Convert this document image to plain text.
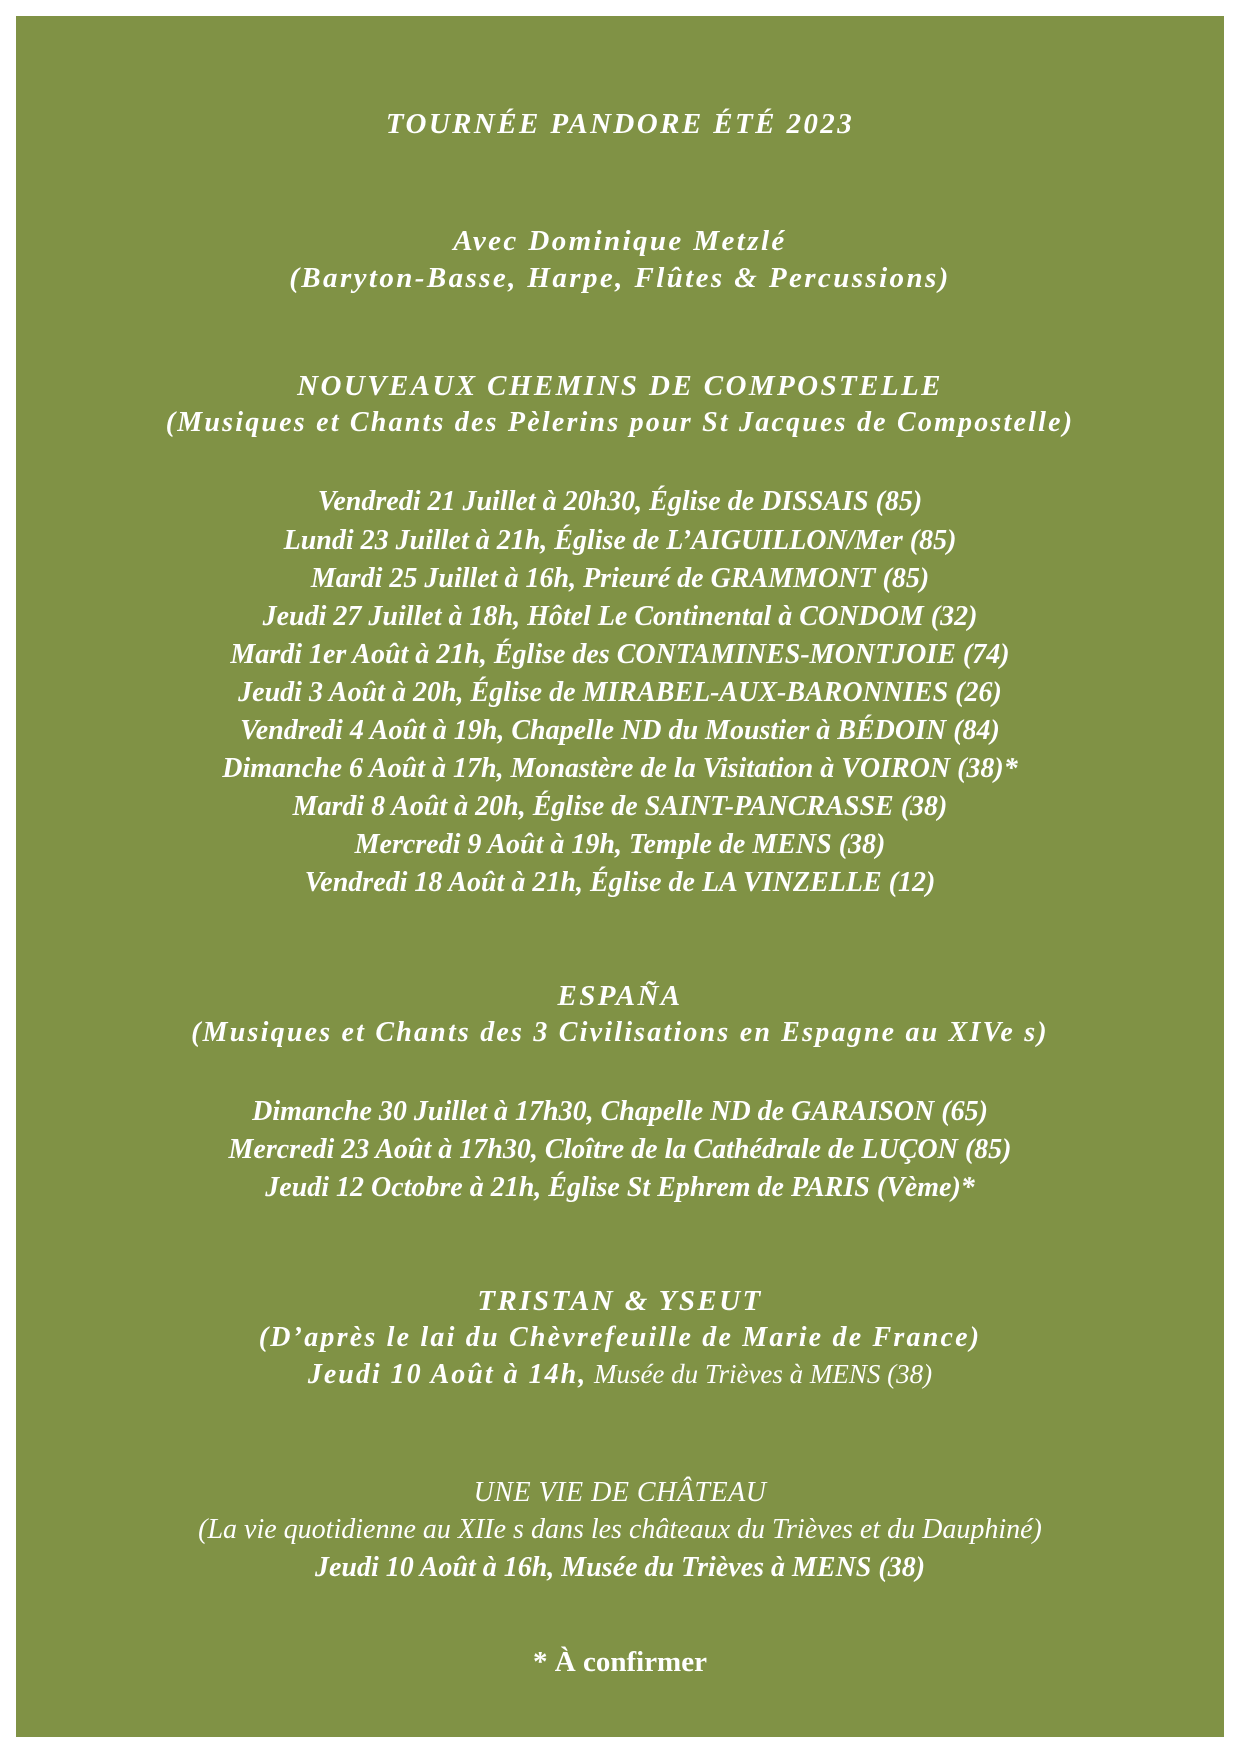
TOURNÉE PANDORE ÉTÉ 2023
Avec Dominique Metzlé
(Baryton-Basse, Harpe, Flûtes & Percussions)
NOUVEAUX CHEMINS DE COMPOSTELLE
(Musiques et Chants des Pèlerins pour St Jacques de Compostelle)
Vendredi 21 Juillet à 20h30, Église de DISSAIS (85)
Lundi 23 Juillet à 21h, Église de L’AIGUILLON/Mer (85)
Mardi 25 Juillet à 16h, Prieuré de GRAMMONT (85)
Jeudi 27 Juillet à 18h, Hôtel Le Continental à CONDOM (32)
Mardi 1er Août à 21h, Église des CONTAMINES-MONTJOIE (74)
Jeudi 3 Août à 20h, Église de MIRABEL-AUX-BARONNIES (26)
Vendredi 4 Août à 19h, Chapelle ND du Moustier à BÉDOIN (84)
Dimanche 6 Août à 17h, Monastère de la Visitation à VOIRON (38)*
Mardi 8 Août à 20h, Église de SAINT-PANCRASSE (38)
Mercredi 9 Août à 19h, Temple de MENS (38)
Vendredi 18 Août à 21h, Église de LA VINZELLE (12)
ESPAÑA
(Musiques et Chants des 3 Civilisations en Espagne au XIVe s)
Dimanche 30 Juillet à 17h30, Chapelle ND de GARAISON (65)
Mercredi 23 Août à 17h30, Cloître de la Cathédrale de LUÇON (85)
Jeudi 12 Octobre à 21h, Église St Ephrem de PARIS (Vème)*
TRISTAN & YSEUT
(D’après le lai du Chèvrefeuille de Marie de France)
Jeudi 10 Août à 14h, Musée du Trièves à MENS (38)
UNE VIE DE CHÂTEAU
(La vie quotidienne au XIIe s dans les châteaux du Trièves et du Dauphiné)
Jeudi 10 Août à 16h, Musée du Trièves à MENS (38)
* À confirmer
